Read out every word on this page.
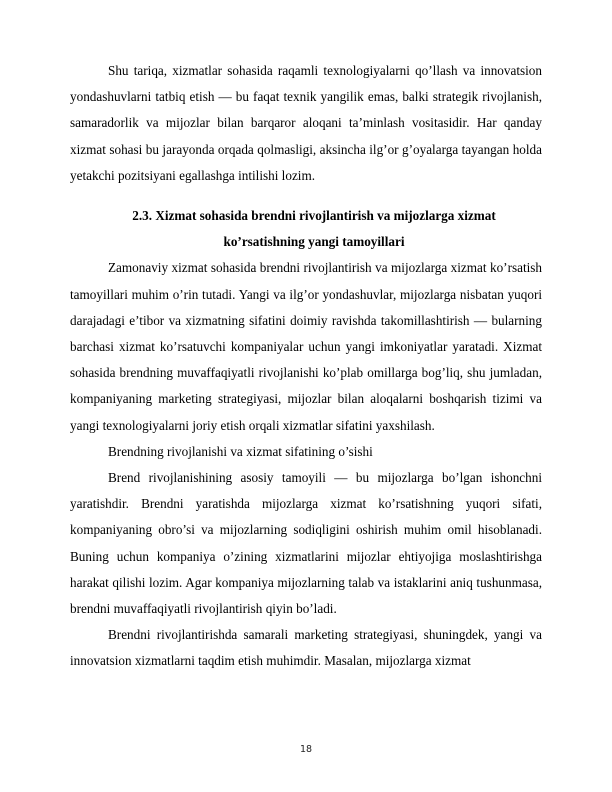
Shu tariqa, xizmatlar sohasida raqamli texnologiyalarni qo’llash va innovatsion yondashuvlarni tatbiq etish — bu faqat texnik yangilik emas, balki strategik rivojlanish, samaradorlik va mijozlar bilan barqaror aloqani ta’minlash vositasidir. Har qanday xizmat sohasi bu jarayonda orqada qolmasligi, aksincha ilg’or g’oyalarga tayangan holda yetakchi pozitsiyani egallashga intilishi lozim.

2.3. Xizmat sohasida brendni rivojlantirish va mijozlarga xizmat
ko’rsatishning yangi tamoyillari

Zamonaviy xizmat sohasida brendni rivojlantirish va mijozlarga xizmat ko’rsatish tamoyillari muhim o’rin tutadi. Yangi va ilg’or yondashuvlar, mijozlarga nisbatan yuqori darajadagi e’tibor va xizmatning sifatini doimiy ravishda takomillashtirish — bularning barchasi xizmat ko’rsatuvchi kompaniyalar uchun yangi imkoniyatlar yaratadi. Xizmat sohasida brendning muvaffaqiyatli rivojlanishi ko’plab omillarga bog’liq, shu jumladan, kompaniyaning marketing strategiyasi, mijozlar bilan aloqalarni boshqarish tizimi va yangi texnologiyalarni joriy etish orqali xizmatlar sifatini yaxshilash.

Brendning rivojlanishi va xizmat sifatining o’sishi

Brend rivojlanishining asosiy tamoyili — bu mijozlarga bo’lgan ishonchni yaratishdir. Brendni yaratishda mijozlarga xizmat ko’rsatishning yuqori sifati, kompaniyaning obro’si va mijozlarning sodiqligini oshirish muhim omil hisoblanadi. Buning uchun kompaniya o’zining xizmatlarini mijozlar ehtiyojiga moslashtirishga harakat qilishi lozim. Agar kompaniya mijozlarning talab va istaklarini aniq tushunmasa, brendni muvaffaqiyatli rivojlantirish qiyin bo’ladi.

Brendni rivojlantirishda samarali marketing strategiyasi, shuningdek, yangi va innovatsion xizmatlarni taqdim etish muhimdir. Masalan, mijozlarga xizmat

18
